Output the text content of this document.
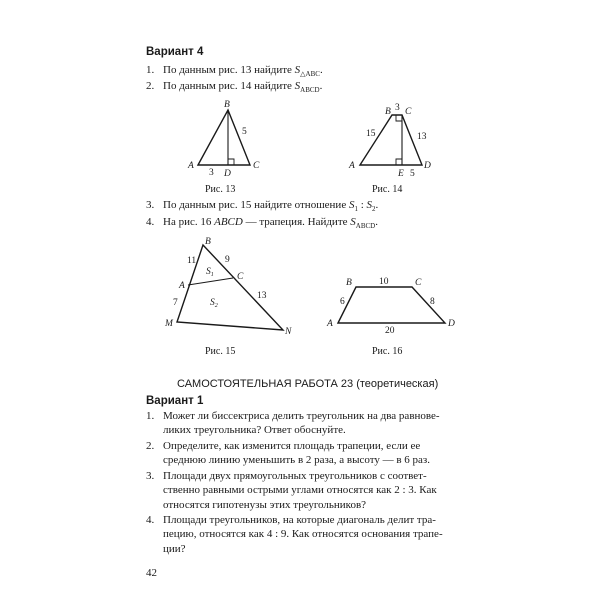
Вариант 4
1. По данным рис. 13 найдите $S_{\triangle ABC}$.
2. По данным рис. 14 найдите $S_{ABCD}$.
B
A	C
D
3
5
Рис. 13
B C
A	D
E
3
15	13
5
Рис. 14
3. По данным рис. 15 найдите отношение $S_1$ : $S_2$.
4. На рис. 16 ABCD — трапеция. Найдите $S_{ABCD}$.
B
C
A
M
N
11	9
7
13
$S_1$
$S_2$
Рис. 15
B	C
A	D
10
6	8
20
Рис. 16
САМОСТОЯТЕЛЬНАЯ РАБОТА 23 (теоретическая)
Вариант 1
1. Может ли биссектриса делить треугольник на два равнове-
ликих треугольника? Ответ обоснуйте.
2. Определите, как изменится площадь трапеции, если ее
среднюю линию уменьшить в 2 раза, а высоту — в 6 раз.
3. Площади двух прямоугольных треугольников с соответ-
ственно равными острыми углами относятся как 2 : 3. Как
относятся гипотенузы этих треугольников?
4. Площади треугольников, на которые диагональ делит тра-
пецию, относятся как 4 : 9. Как относятся основания трапе-
ции?
42
